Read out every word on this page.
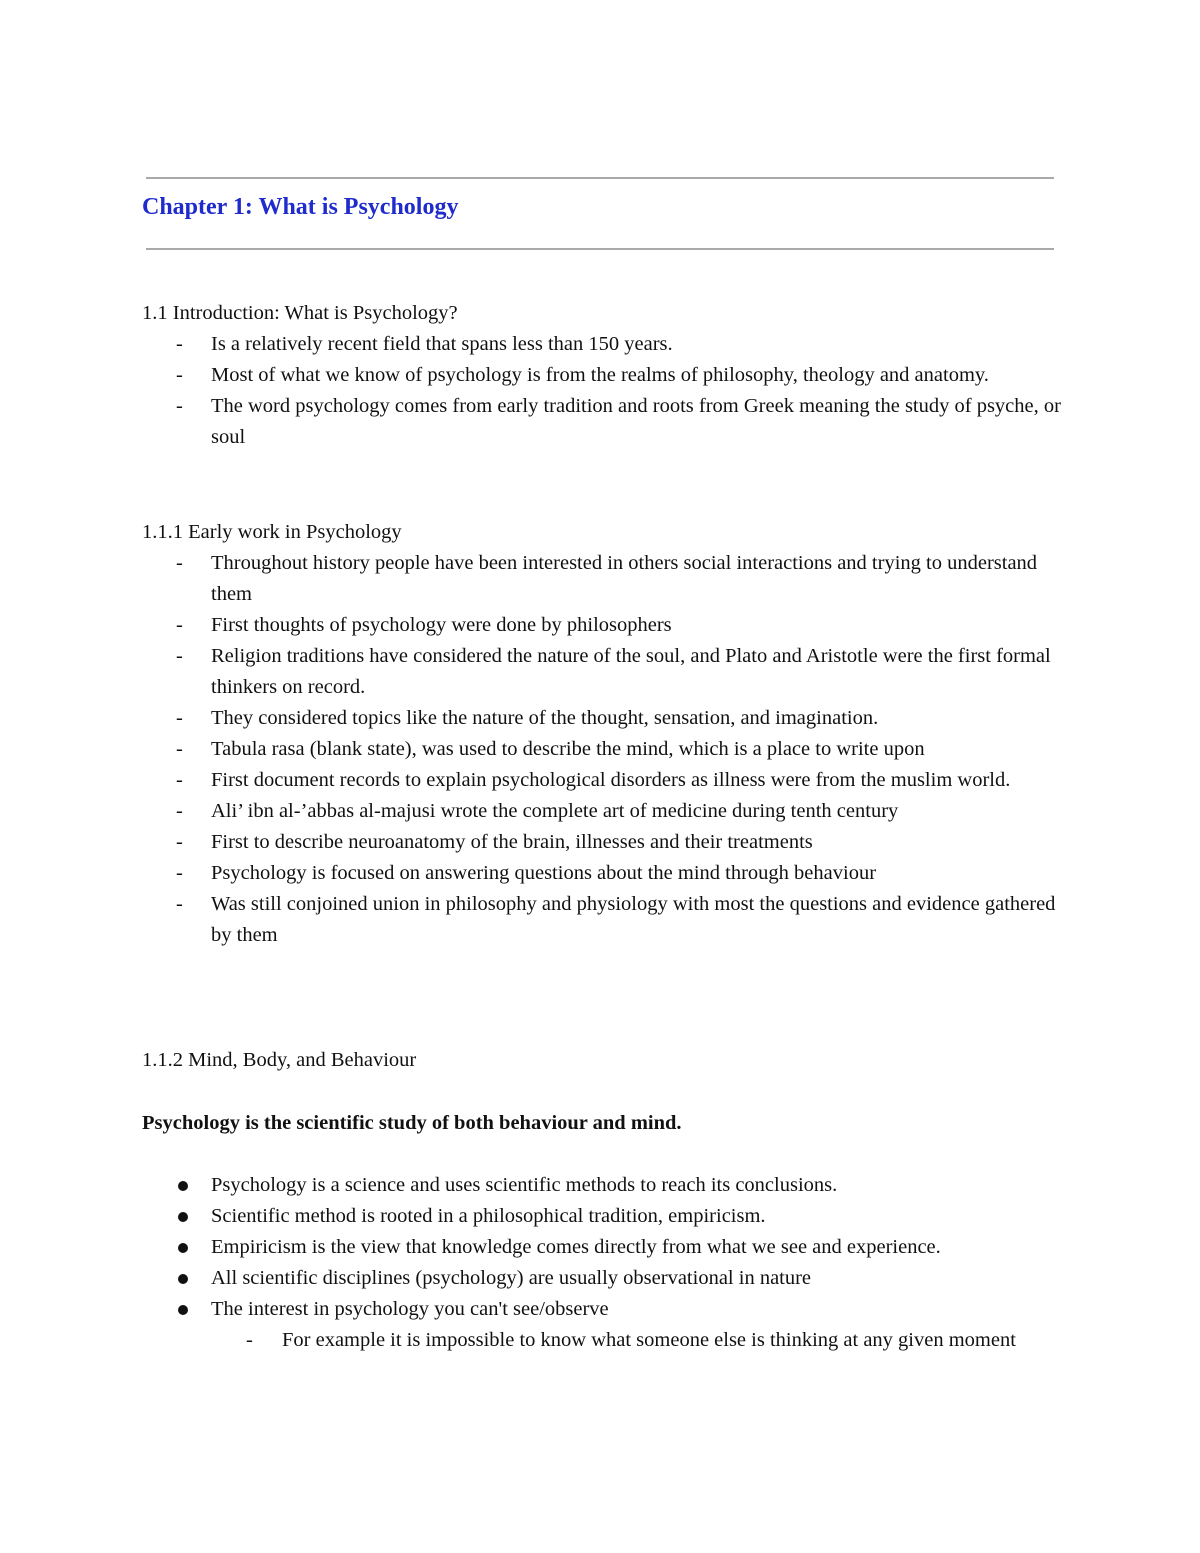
Chapter 1: What is Psychology

1.1 Introduction: What is Psychology?

- Is a relatively recent field that spans less than 150 years.
- Most of what we know of psychology is from the realms of philosophy, theology and anatomy.
- The word psychology comes from early tradition and roots from Greek meaning the study of psyche, or soul

1.1.1 Early work in Psychology

- Throughout history people have been interested in others social interactions and trying to understand them
- First thoughts of psychology were done by philosophers
- Religion traditions have considered the nature of the soul, and Plato and Aristotle were the first formal thinkers on record.
- They considered topics like the nature of the thought, sensation, and imagination.
- Tabula rasa (blank state), was used to describe the mind, which is a place to write upon
- First document records to explain psychological disorders as illness were from the muslim world.
- Ali’ ibn al-’abbas al-majusi wrote the complete art of medicine during tenth century
- First to describe neuroanatomy of the brain, illnesses and their treatments
- Psychology is focused on answering questions about the mind through behaviour
- Was still conjoined union in philosophy and physiology with most the questions and evidence gathered by them

1.1.2 Mind, Body, and Behaviour

Psychology is the scientific study of both behaviour and mind.

Psychology is a science and uses scientific methods to reach its conclusions.
Scientific method is rooted in a philosophical tradition, empiricism.
Empiricism is the view that knowledge comes directly from what we see and experience.
All scientific disciplines (psychology) are usually observational in nature
The interest in psychology you can't see/observe
- For example it is impossible to know what someone else is thinking at any given moment
